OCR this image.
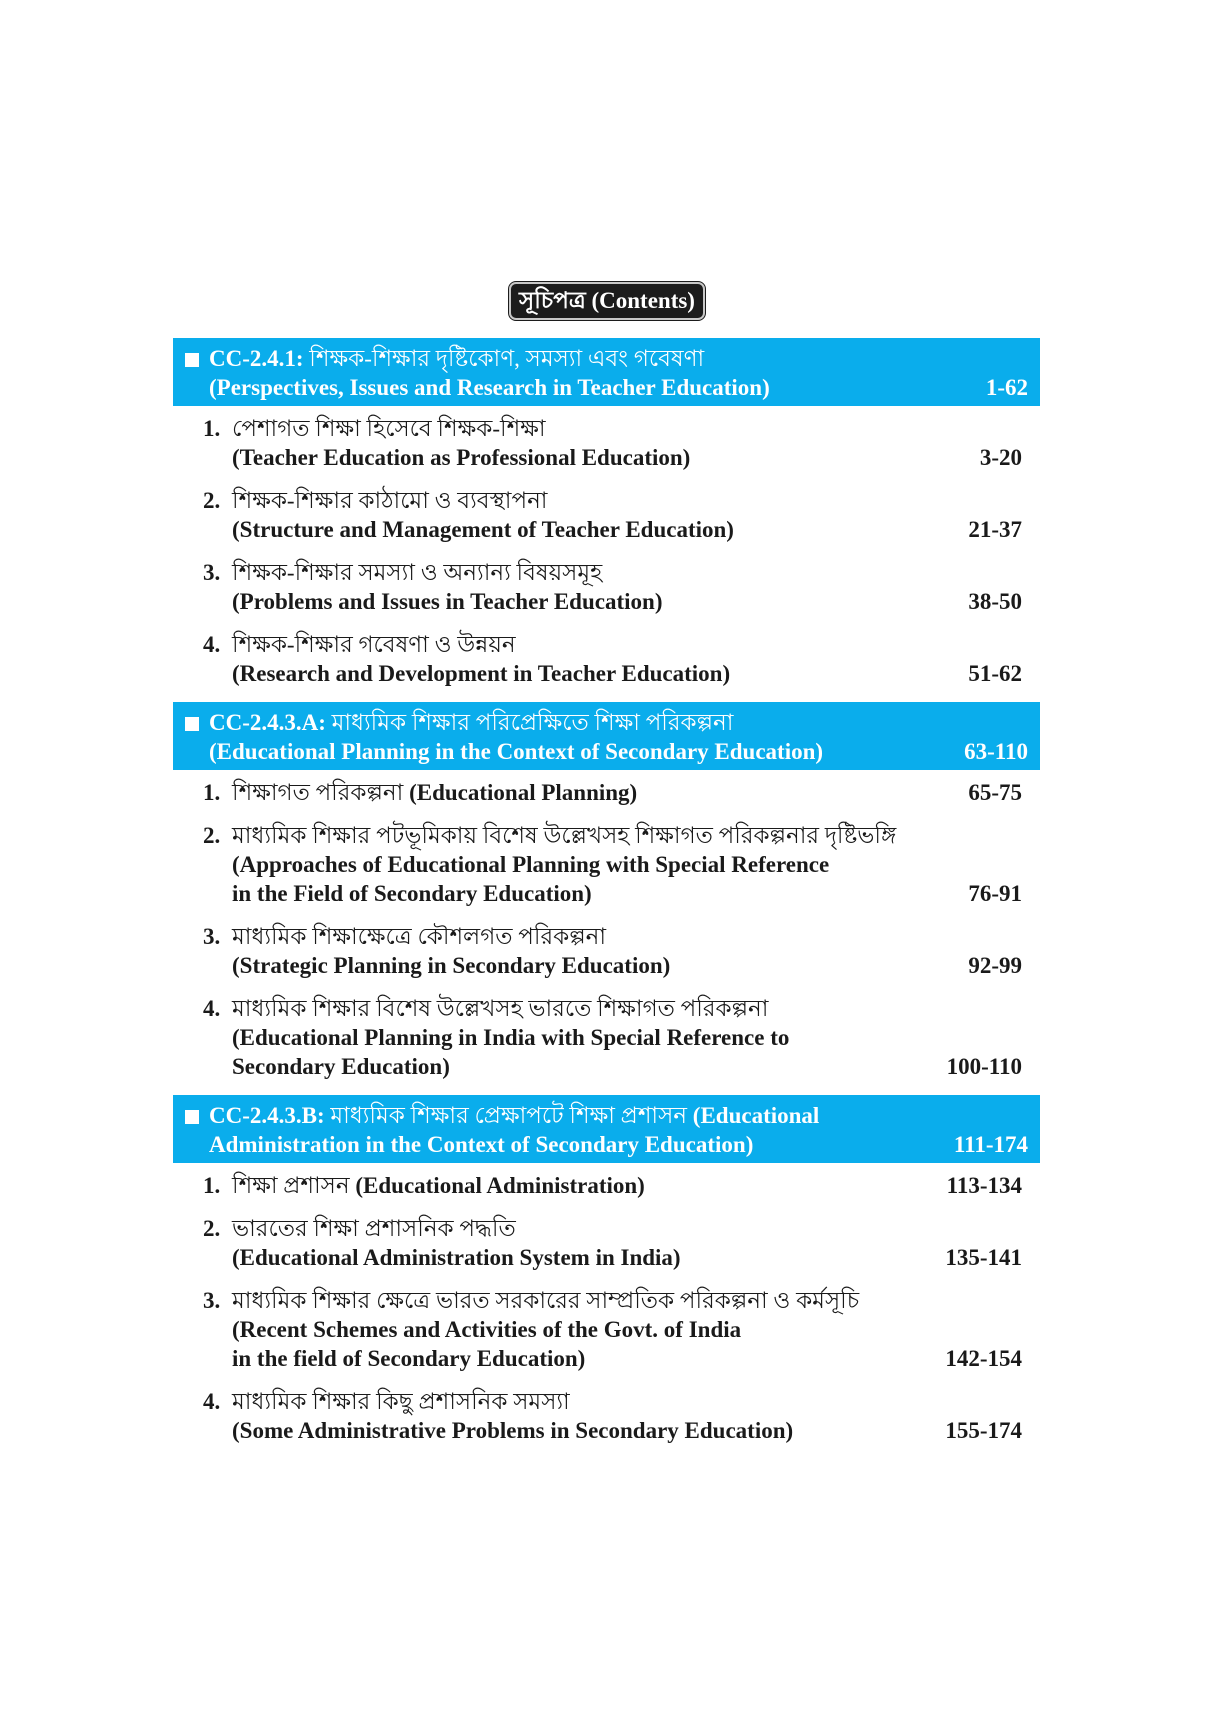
সূচিপত্র (Contents)
CC-2.4.1:
শিক্ষক-শিক্ষার দৃষ্টিকোণ, সমস্যা এবং গবেষণা
(Perspectives, Issues and Research in Teacher Education)	1-62
1. পেশাগত শিক্ষা হিসেবে শিক্ষক-শিক্ষা
(Teacher Education as Professional Education)	3-20
2. শিক্ষক-শিক্ষার কাঠামো ও ব্যবস্থাপনা
(Structure and Management of Teacher Education)	21-37
3. শিক্ষক-শিক্ষার সমস্যা ও অন্যান্য বিষয়সমূহ
(Problems and Issues in Teacher Education)	38-50
4. শিক্ষক-শিক্ষার গবেষণা ও উন্নয়ন
(Research and Development in Teacher Education)	51-62
CC-2.4.3.A:
মাধ্যমিক শিক্ষার পরিপ্রেক্ষিতে শিক্ষা পরিকল্পনা
(Educational Planning in the Context of Secondary Education)	63-110
1. শিক্ষাগত পরিকল্পনা (Educational Planning)	65-75
2. মাধ্যমিক শিক্ষার পটভূমিকায় বিশেষ উল্লেখসহ শিক্ষাগত পরিকল্পনার দৃষ্টিভঙ্গি
(Approaches of Educational Planning with Special Reference
in the Field of Secondary Education)	76-91
3. মাধ্যমিক শিক্ষাক্ষেত্রে কৌশলগত পরিকল্পনা
(Strategic Planning in Secondary Education)	92-99
4. মাধ্যমিক শিক্ষার বিশেষ উল্লেখসহ ভারতে শিক্ষাগত পরিকল্পনা
(Educational Planning in India with Special Reference to
Secondary Education)	100-110
CC-2.4.3.B:
মাধ্যমিক শিক্ষার প্রেক্ষাপটে শিক্ষা প্রশাসন
(Educational
Administration in the Context of Secondary Education)	111-174
1. শিক্ষা প্রশাসন (Educational Administration)	113-134
2. ভারতের শিক্ষা প্রশাসনিক পদ্ধতি
(Educational Administration System in India)	135-141
3. মাধ্যমিক শিক্ষার ক্ষেত্রে ভারত সরকারের সাম্প্রতিক পরিকল্পনা ও কর্মসূচি
(Recent Schemes and Activities of the Govt. of India
in the field of Secondary Education)	142-154
4. মাধ্যমিক শিক্ষার কিছু প্রশাসনিক সমস্যা
(Some Administrative Problems in Secondary Education)	155-174
